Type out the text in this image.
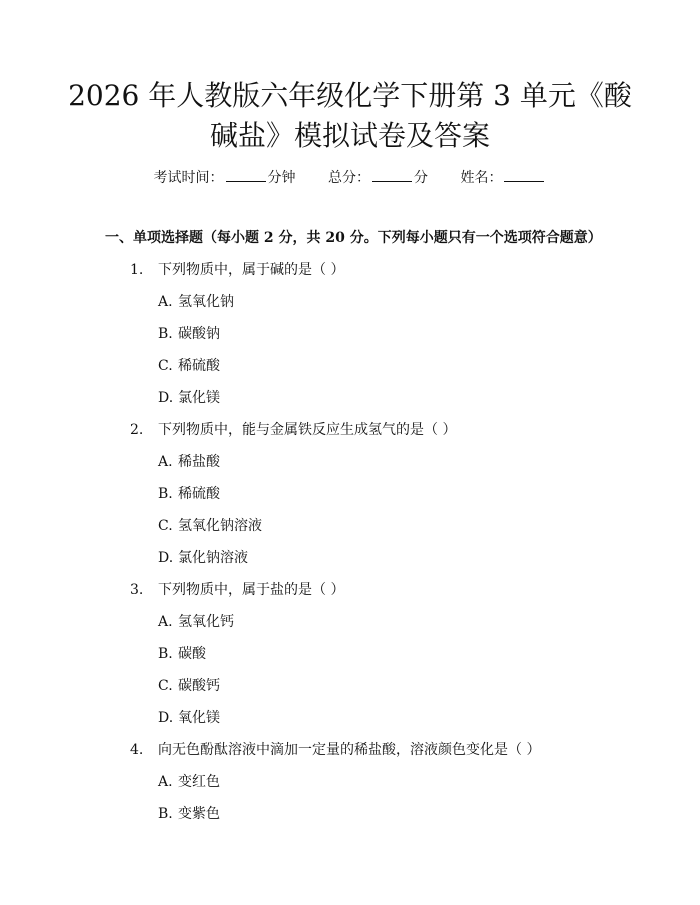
2026 年人教版六年级化学下册第 3 单元《酸
碱盐》模拟试卷及答案
考试时间：	分钟 总分：	分 姓名：
一、单项选择题（每小题 2 分，共 20 分。下列每小题只有一个选项符合题意）
1. 下列物质中，属于碱的是（ ）
A. 氢氧化钠
B. 碳酸钠
C. 稀硫酸
D. 氯化镁
2. 下列物质中，能与金属铁反应生成氢气的是（ ）
A. 稀盐酸
B. 稀硫酸
C. 氢氧化钠溶液
D. 氯化钠溶液
3. 下列物质中，属于盐的是（ ）
A. 氢氧化钙
B. 碳酸
C. 碳酸钙
D. 氧化镁
4. 向无色酚酞溶液中滴加一定量的稀盐酸，溶液颜色变化是（ ）
A. 变红色
B. 变紫色
